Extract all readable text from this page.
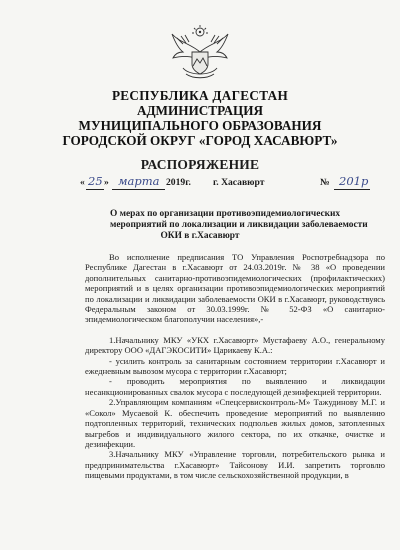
РЕСПУБЛИКА ДАГЕСТАН
АДМИНИСТРАЦИЯ
МУНИЦИПАЛЬНОГО ОБРАЗОВАНИЯ
ГОРОДСКОЙ ОКРУГ «ГОРОД ХАСАВЮРТ»
РАСПОРЯЖЕНИЕ
« 25 » марта 2019г. г. Хасавюрт	№ 201р
О мерах по организации противоэпидемиологических
мероприятий по локализации и ликвидации заболеваемости
ОКИ в г.Хасавюрт

Во исполнение предписания ТО Управления Роспотребнадзора по Республике Дагестан в г.Хасавюрт от 24.03.2019г. № 38 «О проведении дополнительных санитарно-противоэпидемиологических (профилактических) мероприятий и в целях организации противоэпидемиологических мероприятий по локализации и ликвидации заболеваемости ОКИ в г.Хасавюрт, руководствуясь Федеральным законом от 30.03.1999г. № 52-ФЗ «О санитарно-эпидемиологическом благополучии населения»,-

1.Начальнику МКУ «УКХ г.Хасавюрт» Мустафаеву А.О., генеральному директору ООО «ДАГЭКОСИТИ» Царикаеву К.А.:

- усилить контроль за санитарным состоянием территории г.Хасавюрт и ежедневным вывозом мусора с территории г.Хасавюрт;

- проводить мероприятия по выявлению и ликвидации несанкционированных свалок мусора с последующей дезинфекцией территории.

2.Управляющим компаниям «Спецсервисконтроль-М» Тажудинову М.Г. и «Сокол» Мусаевой К. обеспечить проведение мероприятий по выявлению подтопленных территорий, технических подпольев жилых домов, затопленных выгребов и индивидуального жилого сектора, по их откачке, очистке и дезинфекции.

3.Начальнику МКУ «Управление торговли, потребительского рынка и предпринимательства г.Хасавюрт» Тайсонову И.И. запретить торговлю пищевыми продуктами, в том числе сельскохозяйственной продукции, в
